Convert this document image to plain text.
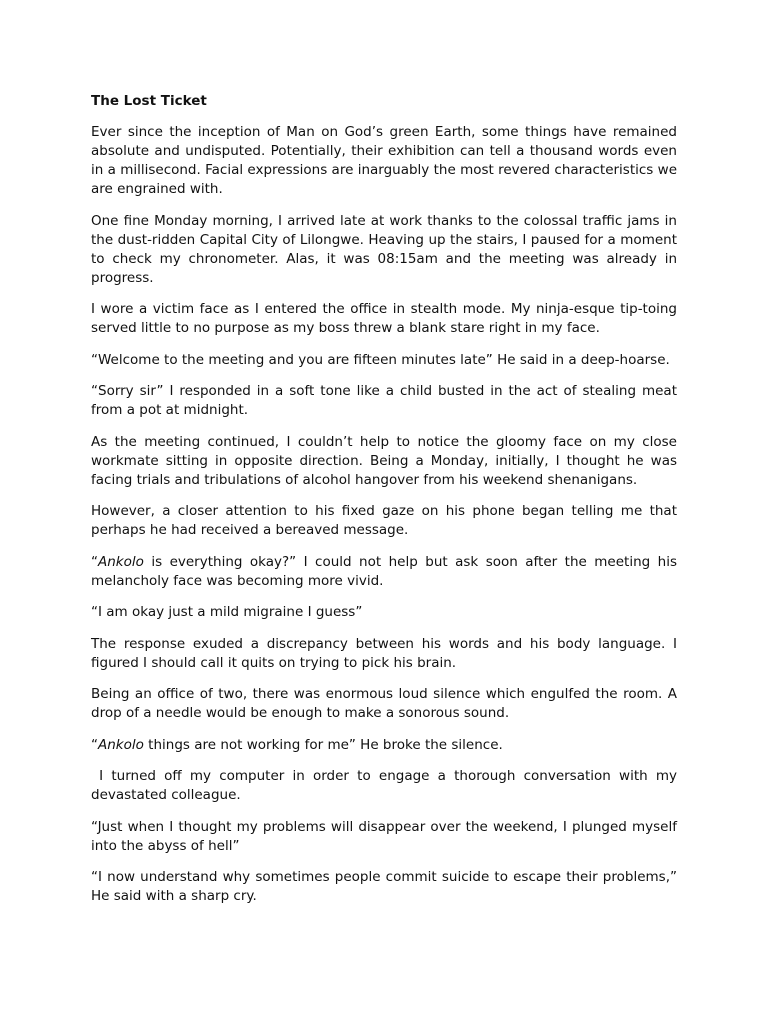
The Lost Ticket

Ever since the inception of Man on God’s green Earth, some things have remained absolute and undisputed. Potentially, their exhibition can tell a thousand words even in a millisecond. Facial expressions are inarguably the most revered characteristics we are engrained with.

One fine Monday morning, I arrived late at work thanks to the colossal traffic jams in the dust-ridden Capital City of Lilongwe. Heaving up the stairs, I paused for a moment to check my chronometer. Alas, it was 08:15am and the meeting was already in progress.

I wore a victim face as I entered the office in stealth mode. My ninja-esque tip-toing served little to no purpose as my boss threw a blank stare right in my face.

“Welcome to the meeting and you are fifteen minutes late” He said in a deep-hoarse.

“Sorry sir” I responded in a soft tone like a child busted in the act of stealing meat from a pot at midnight.

As the meeting continued, I couldn’t help to notice the gloomy face on my close workmate sitting in opposite direction. Being a Monday, initially, I thought he was facing trials and tribulations of alcohol hangover from his weekend shenanigans.

However, a closer attention to his fixed gaze on his phone began telling me that perhaps he had received a bereaved message.

“Ankolo is everything okay?” I could not help but ask soon after the meeting his melancholy face was becoming more vivid.

“I am okay just a mild migraine I guess”

The response exuded a discrepancy between his words and his body language. I figured I should call it quits on trying to pick his brain.

Being an office of two, there was enormous loud silence which engulfed the room. A drop of a needle would be enough to make a sonorous sound.

“Ankolo things are not working for me” He broke the silence.

I turned off my computer in order to engage a thorough conversation with my devastated colleague.

“Just when I thought my problems will disappear over the weekend, I plunged myself into the abyss of hell”

“I now understand why sometimes people commit suicide to escape their problems,” He said with a sharp cry.
